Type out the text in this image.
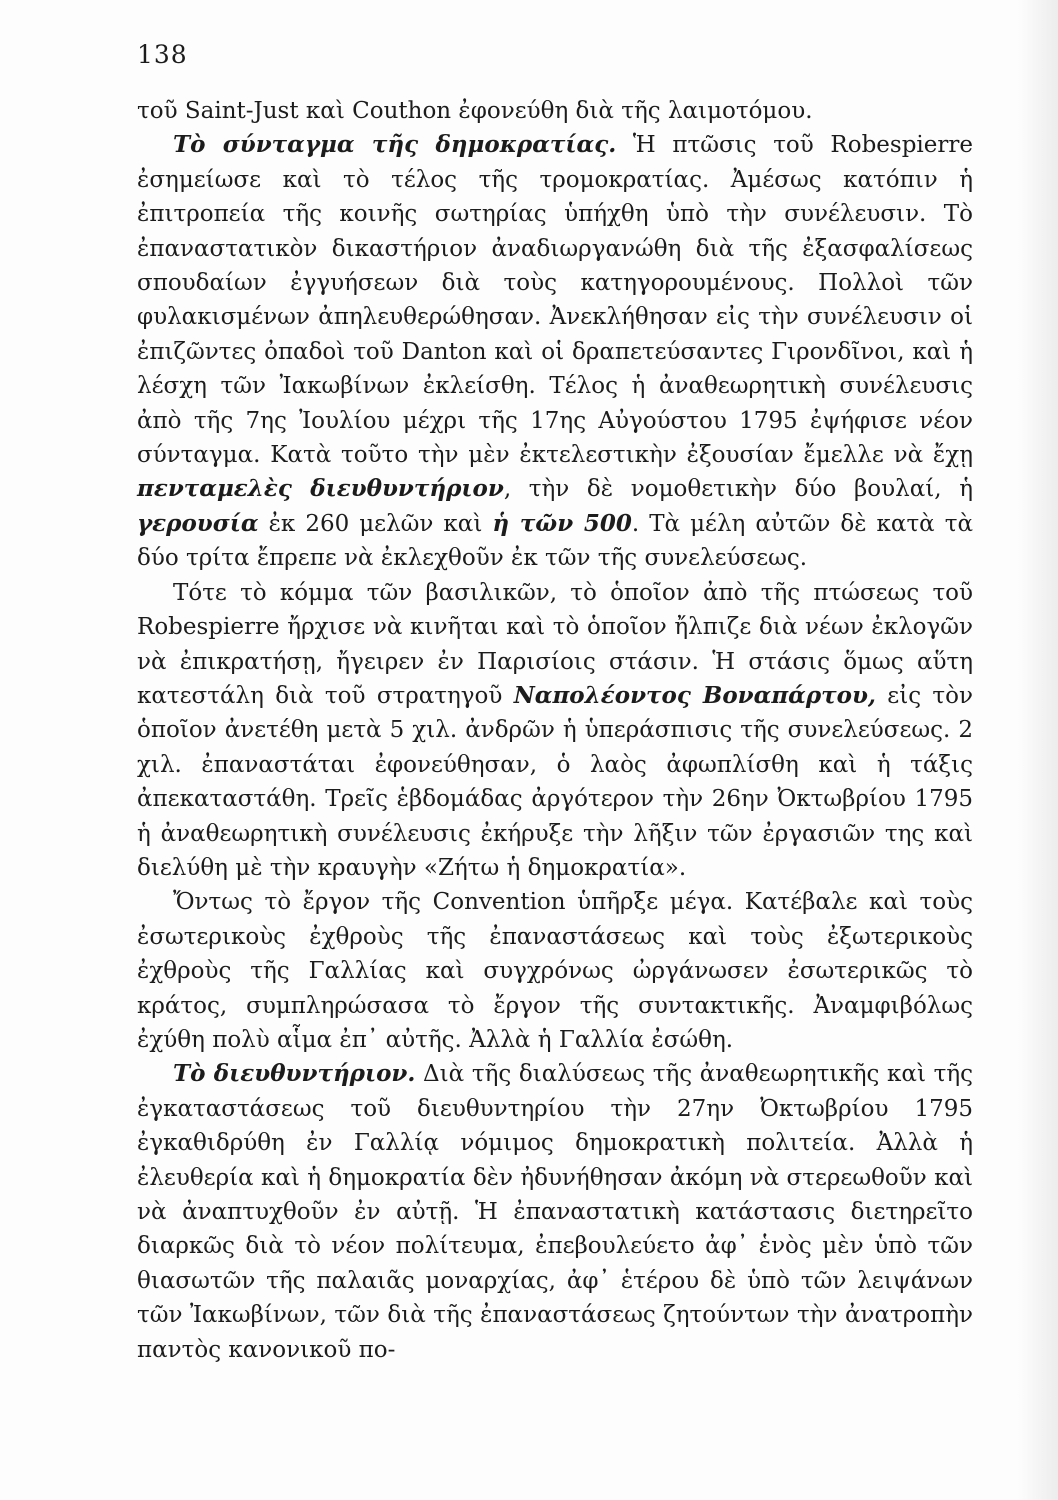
138

τοῦ Saint-Just καὶ Couthon ἐφονεύθη διὰ τῆς λαιμοτόμου.

Τὸ σύνταγμα τῆς δημοκρατίας. Ἡ πτῶσις τοῦ Robespierre ἐσημείωσε καὶ τὸ τέλος τῆς τρομοκρατίας. Ἀμέσως κατόπιν ἡ ἐπιτροπεία τῆς κοινῆς σωτηρίας ὑπήχθη ὑπὸ τὴν συνέλευσιν. Τὸ ἐπαναστατικὸν δικαστήριον ἀναδιωργανώθη διὰ τῆς ἐξασφαλίσεως σπουδαίων ἐγγυήσεων διὰ τοὺς κατηγορουμένους. Πολλοὶ τῶν φυλακισμένων ἀπηλευθερώθησαν. Ἀνεκλήθησαν εἰς τὴν συνέλευσιν οἱ ἐπιζῶντες ὀπαδοὶ τοῦ Danton καὶ οἱ δραπετεύσαντες Γιρονδῖνοι, καὶ ἡ λέσχη τῶν Ἰακωβίνων ἐκλείσθη. Τέλος ἡ ἀναθεωρητικὴ συνέλευσις ἀπὸ τῆς 7ης Ἰουλίου μέχρι τῆς 17ης Αὐγούστου 1795 ἐψήφισε νέον σύνταγμα. Κατὰ τοῦτο τὴν μὲν ἐκτελεστικὴν ἐξουσίαν ἔμελλε νὰ ἔχῃ πενταμελὲς διευθυντήριον, τὴν δὲ νομοθετικὴν δύο βουλαί, ἡ γερουσία ἐκ 260 μελῶν καὶ ἡ τῶν 500. Τὰ μέλη αὐτῶν δὲ κατὰ τὰ δύο τρίτα ἔπρεπε νὰ ἐκλεχθοῦν ἐκ τῶν τῆς συνελεύσεως.

Τότε τὸ κόμμα τῶν βασιλικῶν, τὸ ὁποῖον ἀπὸ τῆς πτώσεως τοῦ Robespierre ἤρχισε νὰ κινῆται καὶ τὸ ὁποῖον ἤλπιζε διὰ νέων ἐκλογῶν νὰ ἐπικρατήσῃ, ἤγειρεν ἐν Παρισίοις στάσιν. Ἡ στάσις ὅμως αὕτη κατεστάλη διὰ τοῦ στρατηγοῦ Ναπολέοντος Βοναπάρτου, εἰς τὸν ὁποῖον ἀνετέθη μετὰ 5 χιλ. ἀνδρῶν ἡ ὑπεράσπισις τῆς συνελεύσεως. 2 χιλ. ἐπαναστάται ἐφονεύθησαν, ὁ λαὸς ἀφωπλίσθη καὶ ἡ τάξις ἀπεκαταστάθη. Τρεῖς ἑβδομάδας ἀργότερον τὴν 26ην Ὀκτωβρίου 1795 ἡ ἀναθεωρητικὴ συνέλευσις ἐκήρυξε τὴν λῆξιν τῶν ἐργασιῶν της καὶ διελύθη μὲ τὴν κραυγὴν «Ζήτω ἡ δημοκρατία».

Ὄντως τὸ ἔργον τῆς Convention ὑπῆρξε μέγα. Κατέβαλε καὶ τοὺς ἐσωτερικοὺς ἐχθροὺς τῆς ἐπαναστάσεως καὶ τοὺς ἐξωτερικοὺς ἐχθροὺς τῆς Γαλλίας καὶ συγχρόνως ὠργάνωσεν ἐσωτερικῶς τὸ κράτος, συμπληρώσασα τὸ ἔργον τῆς συντακτικῆς. Ἀναμφιβόλως ἐχύθη πολὺ αἷμα ἐπ᾿ αὐτῆς. Ἀλλὰ ἡ Γαλλία ἐσώθη.

Τὸ διευθυντήριον. Διὰ τῆς διαλύσεως τῆς ἀναθεωρητικῆς καὶ τῆς ἐγκαταστάσεως τοῦ διευθυντηρίου τὴν 27ην Ὀκτωβρίου 1795 ἐγκαθιδρύθη ἐν Γαλλίᾳ νόμιμος δημοκρατικὴ πολιτεία. Ἀλλὰ ἡ ἐλευθερία καὶ ἡ δημοκρατία δὲν ἠδυνήθησαν ἀκόμη νὰ στερεωθοῦν καὶ νὰ ἀναπτυχθοῦν ἐν αὐτῇ. Ἡ ἐπαναστατικὴ κατάστασις διετηρεῖτο διαρκῶς διὰ τὸ νέον πολίτευμα, ἐπεβουλεύετο ἀφ᾿ ἑνὸς μὲν ὑπὸ τῶν θιασωτῶν τῆς παλαιᾶς μοναρχίας, ἀφ᾿ ἑτέρου δὲ ὑπὸ τῶν λειψάνων τῶν Ἰακωβίνων, τῶν διὰ τῆς ἐπαναστάσεως ζητούντων τὴν ἀνατροπὴν παντὸς κανονικοῦ πο-
